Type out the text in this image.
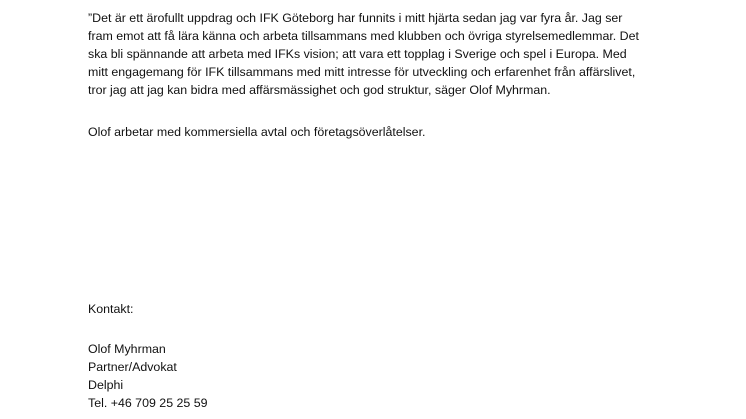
”Det är ett ärofullt uppdrag och IFK Göteborg har funnits i mitt hjärta sedan jag var fyra år. Jag ser
fram emot att få lära känna och arbeta tillsammans med klubben och övriga styrelsemedlemmar. Det
ska bli spännande att arbeta med IFKs vision; att vara ett topplag i Sverige och spel i Europa. Med
mitt engagemang för IFK tillsammans med mitt intresse för utveckling och erfarenhet från affärslivet,
tror jag att jag kan bidra med affärsmässighet och god struktur, säger Olof Myhrman.

Olof arbetar med kommersiella avtal och företagsöverlåtelser.

Kontakt:

Olof Myhrman
Partner/Advokat
Delphi
Tel. +46 709 25 25 59
